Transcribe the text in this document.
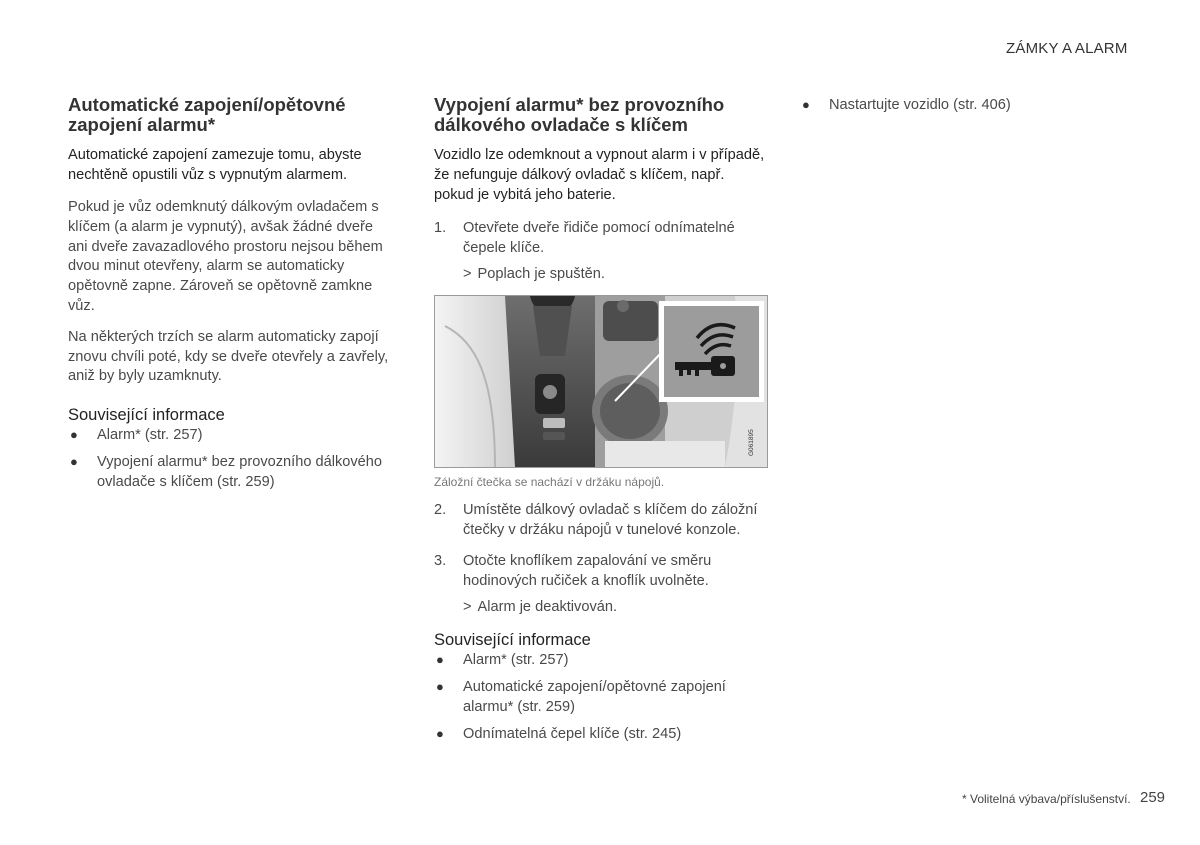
ZÁMKY A ALARM
Automatické zapojení/opětovné zapojení alarmu*

Automatické zapojení zamezuje tomu, abyste nechtěně opustili vůz s vypnutým alarmem.

Pokud je vůz odemknutý dálkovým ovladačem s klíčem (a alarm je vypnutý), avšak žádné dveře ani dveře zavazadlového prostoru nejsou během dvou minut otevřeny, alarm se automaticky opětovně zapne. Zároveň se opětovně zamkne vůz.

Na některých trzích se alarm automaticky zapojí znovu chvíli poté, kdy se dveře otevřely a zavřely, aniž by byly uzamknuty.

Související informace
● Alarm* (str. 257)
● Vypojení alarmu* bez provozního dálkového ovladače s klíčem (str. 259)
Vypojení alarmu* bez provozního dálkového ovladače s klíčem

Vozidlo lze odemknout a vypnout alarm i v případě, že nefunguje dálkový ovladač s klíčem, např. pokud je vybitá jeho baterie.

1. Otevřete dveře řidiče pomocí odnímatelné čepele klíče.
> Poplach je spuštěn.
G061895

Záložní čtečka se nachází v držáku nápojů.

2. Umístěte dálkový ovladač s klíčem do záložní čtečky v držáku nápojů v tunelové konzole.
3. Otočte knoflíkem zapalování ve směru hodinových ručiček a knoflík uvolněte.
> Alarm je deaktivován.
Související informace
● Alarm* (str. 257)
● Automatické zapojení/opětovné zapojení alarmu* (str. 259)
● Odnímatelná čepel klíče (str. 245)
● Nastartujte vozidlo (str. 406)
* Volitelná výbava/příslušenství. 259
